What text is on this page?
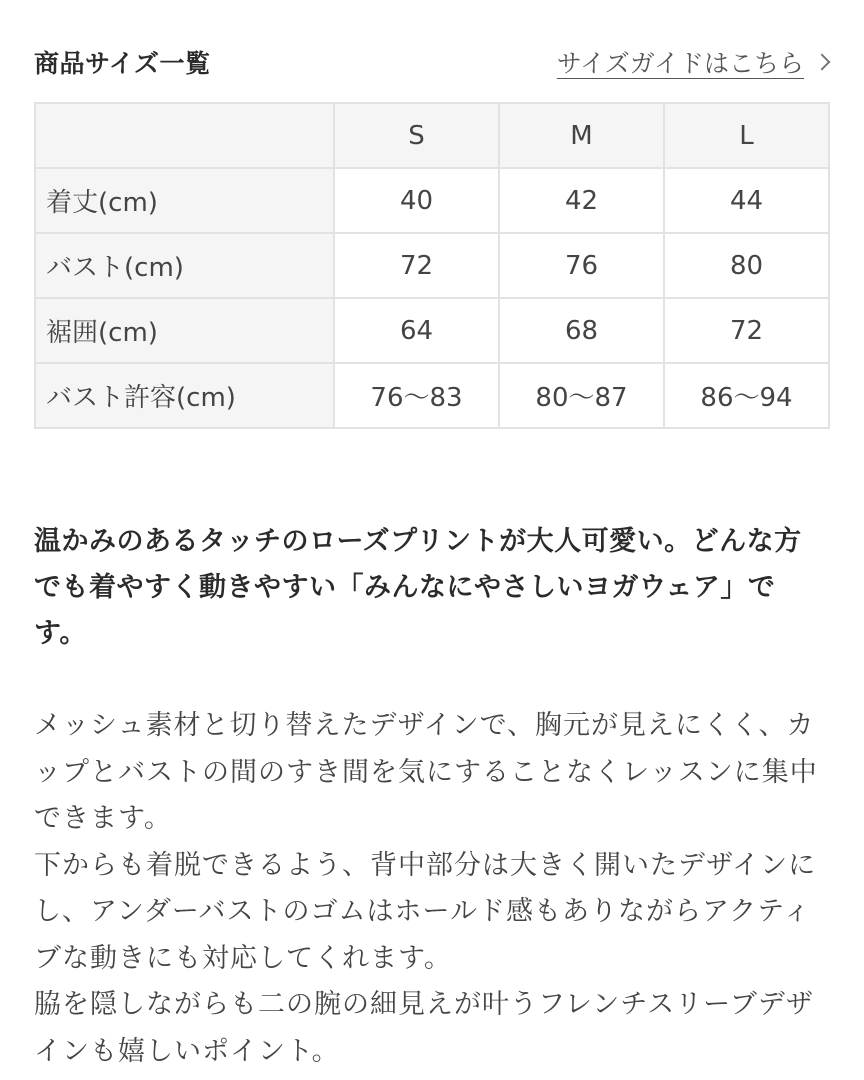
商品サイズ一覧	サイズガイドはこちら
	S	M	L
着丈(cm)	40	42	44
バスト(cm)	72	76	80
裾囲(cm)	64	68	72
バスト許容(cm)	76〜83	80〜87	86〜94
温かみのあるタッチのローズプリントが大人可愛い。どんな方でも着やすく動きやすい「みんなにやさしいヨガウェア」です。

メッシュ素材と切り替えたデザインで、胸元が見えにくく、カップとバストの間のすき間を気にすることなくレッスンに集中できます。

下からも着脱できるよう、背中部分は大きく開いたデザインにし、アンダーバストのゴムはホールド感もありながらアクティブな動きにも対応してくれます。

脇を隠しながらも二の腕の細見えが叶うフレンチスリーブデザインも嬉しいポイント。
